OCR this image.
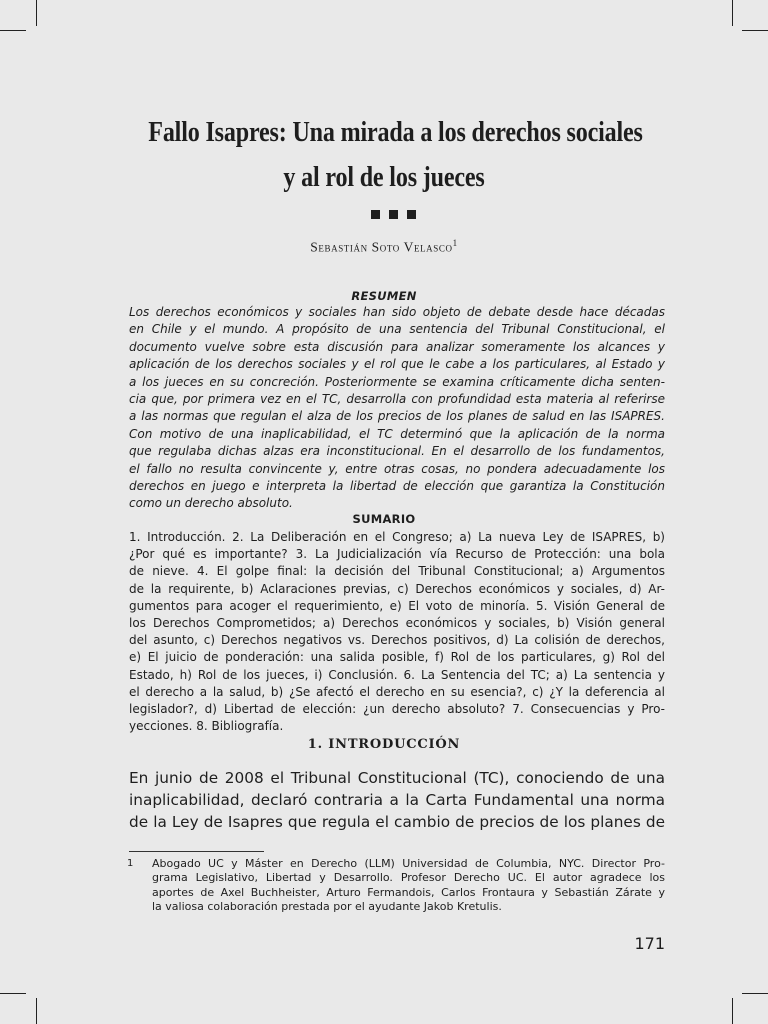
Fallo Isapres: Una mirada a los derechos sociales
y al rol de los jueces
Sebastián Soto Velasco$^1$
RESUMEN
Los derechos económicos y sociales han sido objeto de debate desde hace décadas
en Chile y el mundo. A propósito de una sentencia del Tribunal Constitucional, el
documento vuelve sobre esta discusión para analizar someramente los alcances y
aplicación de los derechos sociales y el rol que le cabe a los particulares, al Estado y
a los jueces en su concreción. Posteriormente se examina críticamente dicha senten-
cia que, por primera vez en el TC, desarrolla con profundidad esta materia al referirse
a las normas que regulan el alza de los precios de los planes de salud en las ISAPRES.
Con motivo de una inaplicabilidad, el TC determinó que la aplicación de la norma
que regulaba dichas alzas era inconstitucional. En el desarrollo de los fundamentos,
el fallo no resulta convincente y, entre otras cosas, no pondera adecuadamente los
derechos en juego e interpreta la libertad de elección que garantiza la Constitución
como un derecho absoluto.
SUMARIO
1. Introducción. 2. La Deliberación en el Congreso; a) La nueva Ley de ISAPRES, b)
¿Por qué es importante? 3. La Judicialización vía Recurso de Protección: una bola
de nieve. 4. El golpe final: la decisión del Tribunal Constitucional; a) Argumentos
de la requirente, b) Aclaraciones previas, c) Derechos económicos y sociales, d) Ar-
gumentos para acoger el requerimiento, e) El voto de minoría. 5. Visión General de
los Derechos Comprometidos; a) Derechos económicos y sociales, b) Visión general
del asunto, c) Derechos negativos vs. Derechos positivos, d) La colisión de derechos,
e) El juicio de ponderación: una salida posible, f) Rol de los particulares, g) Rol del
Estado, h) Rol de los jueces, i) Conclusión. 6. La Sentencia del TC; a) La sentencia y
el derecho a la salud, b) ¿Se afectó el derecho en su esencia?, c) ¿Y la deferencia al
legislador?, d) Libertad de elección: ¿un derecho absoluto? 7. Consecuencias y Pro-
yecciones. 8. Bibliografía.
1. INTRODUCCIÓN
En junio de 2008 el Tribunal Constitucional (TC), conociendo de una
inaplicabilidad, declaró contraria a la Carta Fundamental una norma
de la Ley de Isapres que regula el cambio de precios de los planes de
1 Abogado UC y Máster en Derecho (LLM) Universidad de Columbia, NYC. Director Pro-
grama Legislativo, Libertad y Desarrollo. Profesor Derecho UC. El autor agradece los
aportes de Axel Buchheister, Arturo Fermandois, Carlos Frontaura y Sebastián Zárate y
la valiosa colaboración prestada por el ayudante Jakob Kretulis.
171
